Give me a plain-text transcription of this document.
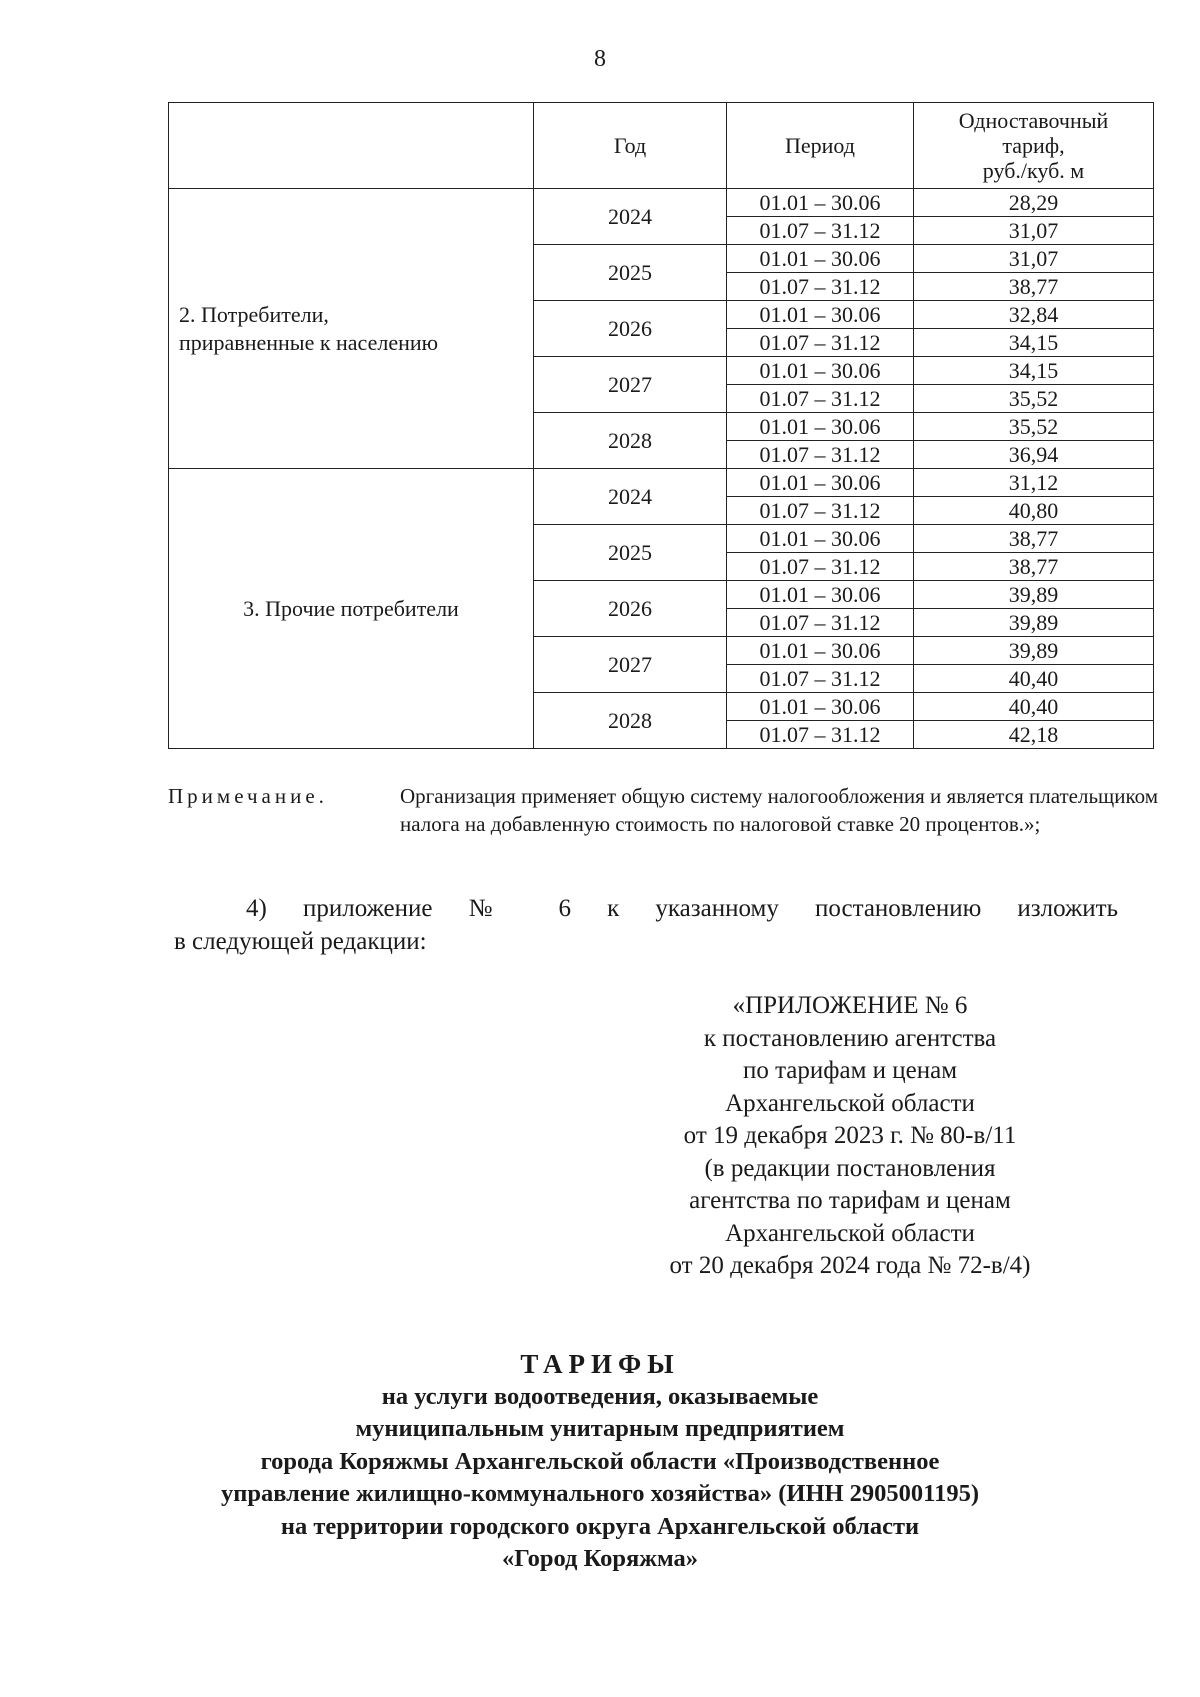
8
	Год	Период	Одноставочный
тариф,
руб./куб. м

2. Потребители,
приравненные к населению	2024	01.01 – 30.06	28,29
		01.07 – 31.12	31,07
	2025	01.01 – 30.06	31,07
		01.07 – 31.12	38,77
	2026	01.01 – 30.06	32,84
		01.07 – 31.12	34,15
	2027	01.01 – 30.06	34,15
		01.07 – 31.12	35,52
	2028	01.01 – 30.06	35,52
		01.07 – 31.12	36,94

3. Прочие потребители	2024	01.01 – 30.06	31,12
		01.07 – 31.12	40,80
	2025	01.01 – 30.06	38,77
		01.07 – 31.12	38,77
	2026	01.01 – 30.06	39,89
		01.07 – 31.12	39,89
	2027	01.01 – 30.06	39,89
		01.07 – 31.12	40,40
	2028	01.01 – 30.06	40,40
		01.07 – 31.12	42,18
Примечание.	Организация применяет общую систему налогообложения и является плательщиком налога на добавленную стоимость по налоговой ставке 20 процентов.»;
4) приложение № 6 к указанному постановлению изложить
в следующей редакции:
«ПРИЛОЖЕНИЕ № 6
к постановлению агентства
по тарифам и ценам
Архангельской области
от 19 декабря 2023 г. № 80-в/11
(в редакции постановления
агентства по тарифам и ценам
Архангельской области
от 20 декабря 2024 года № 72-в/4)
ТАРИФЫ
на услуги водоотведения, оказываемые
муниципальным унитарным предприятием
города Коряжмы Архангельской области «Производственное
управление жилищно-коммунального хозяйства» (ИНН 2905001195)
на территории городского округа Архангельской области
«Город Коряжма»
